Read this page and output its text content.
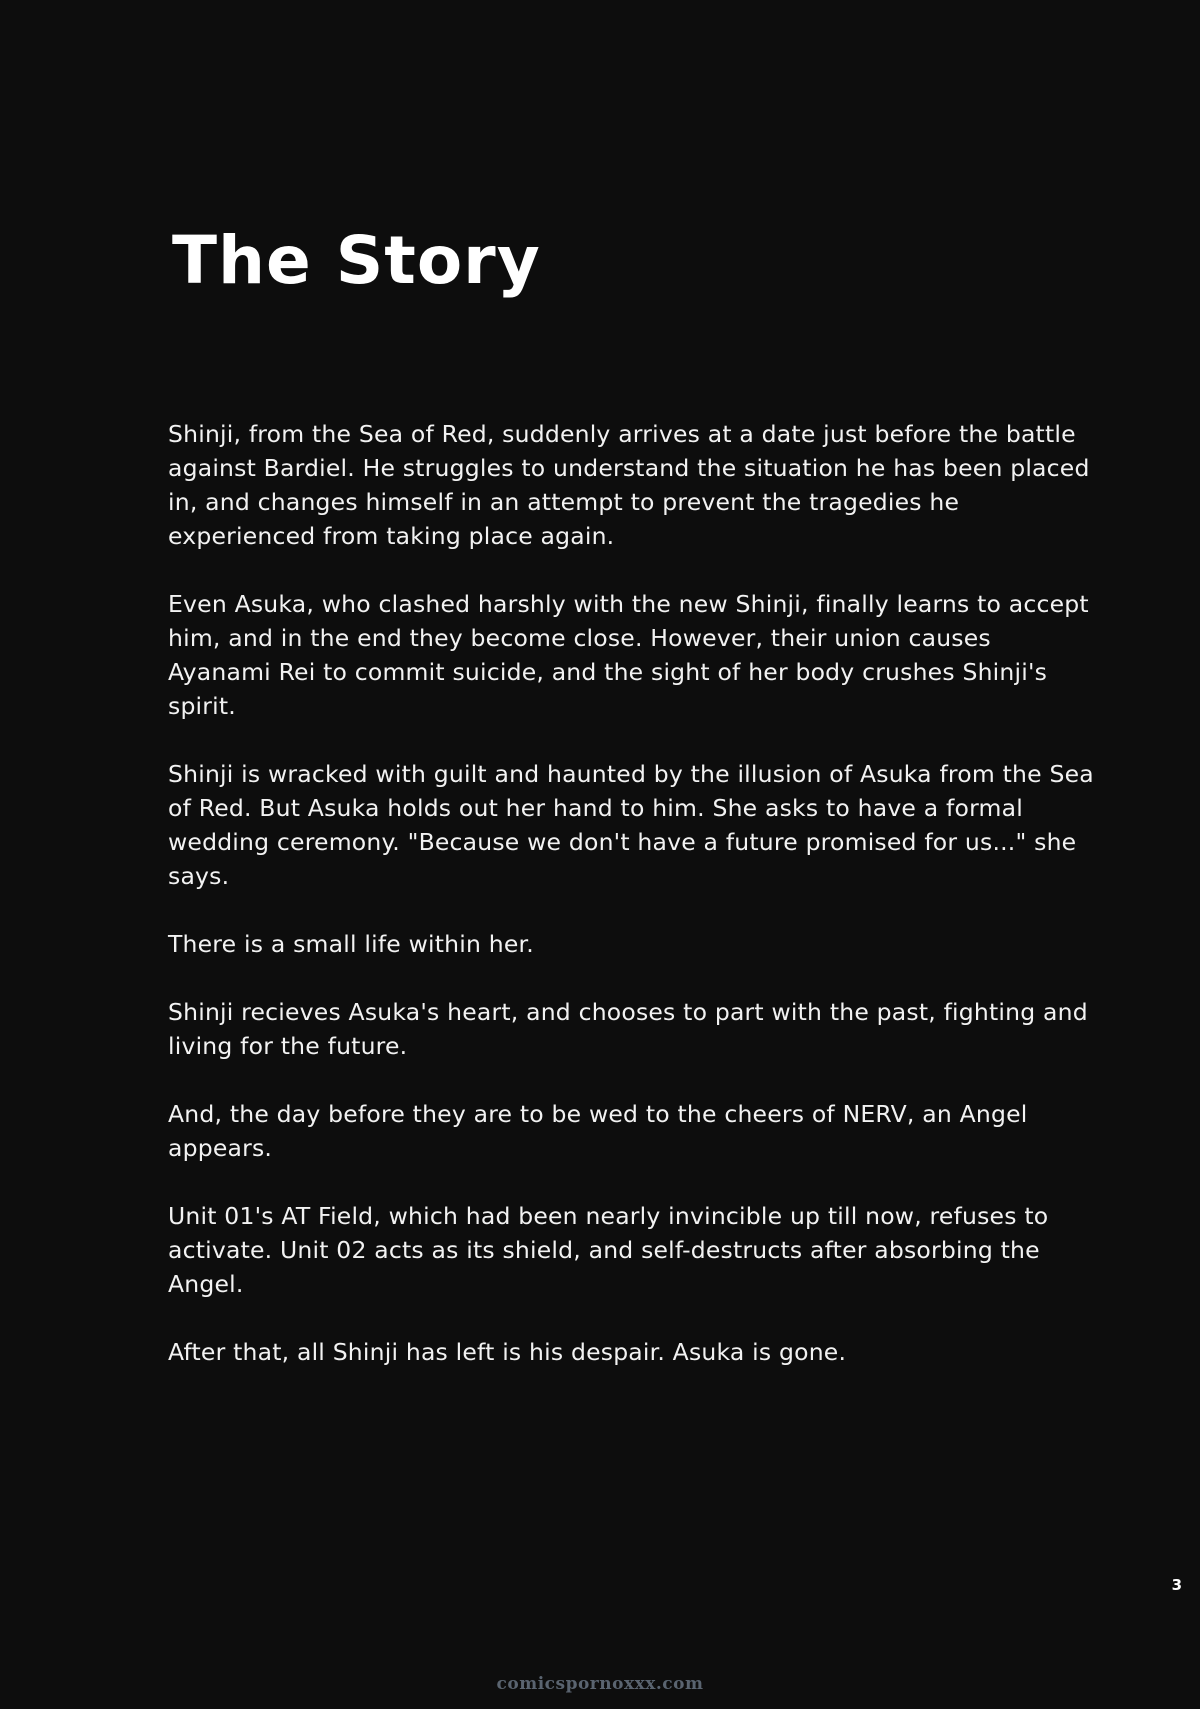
The Story

Shinji, from the Sea of Red, suddenly arrives at a date just before the battle against Bardiel. He struggles to understand the situation he has been placed in, and changes himself in an attempt to prevent the tragedies he experienced from taking place again.

Even Asuka, who clashed harshly with the new Shinji, finally learns to accept him, and in the end they become close. However, their union causes Ayanami Rei to commit suicide, and the sight of her body crushes Shinji's spirit.

Shinji is wracked with guilt and haunted by the illusion of Asuka from the Sea of Red. But Asuka holds out her hand to him. She asks to have a formal wedding ceremony. "Because we don't have a future promised for us..." she says.

There is a small life within her.

Shinji recieves Asuka's heart, and chooses to part with the past, fighting and living for the future.

And, the day before they are to be wed to the cheers of NERV, an Angel appears.

Unit 01's AT Field, which had been nearly invincible up till now, refuses to activate. Unit 02 acts as its shield, and self-destructs after absorbing the Angel.

After that, all Shinji has left is his despair. Asuka is gone.

3
comicspornoxxx.com
